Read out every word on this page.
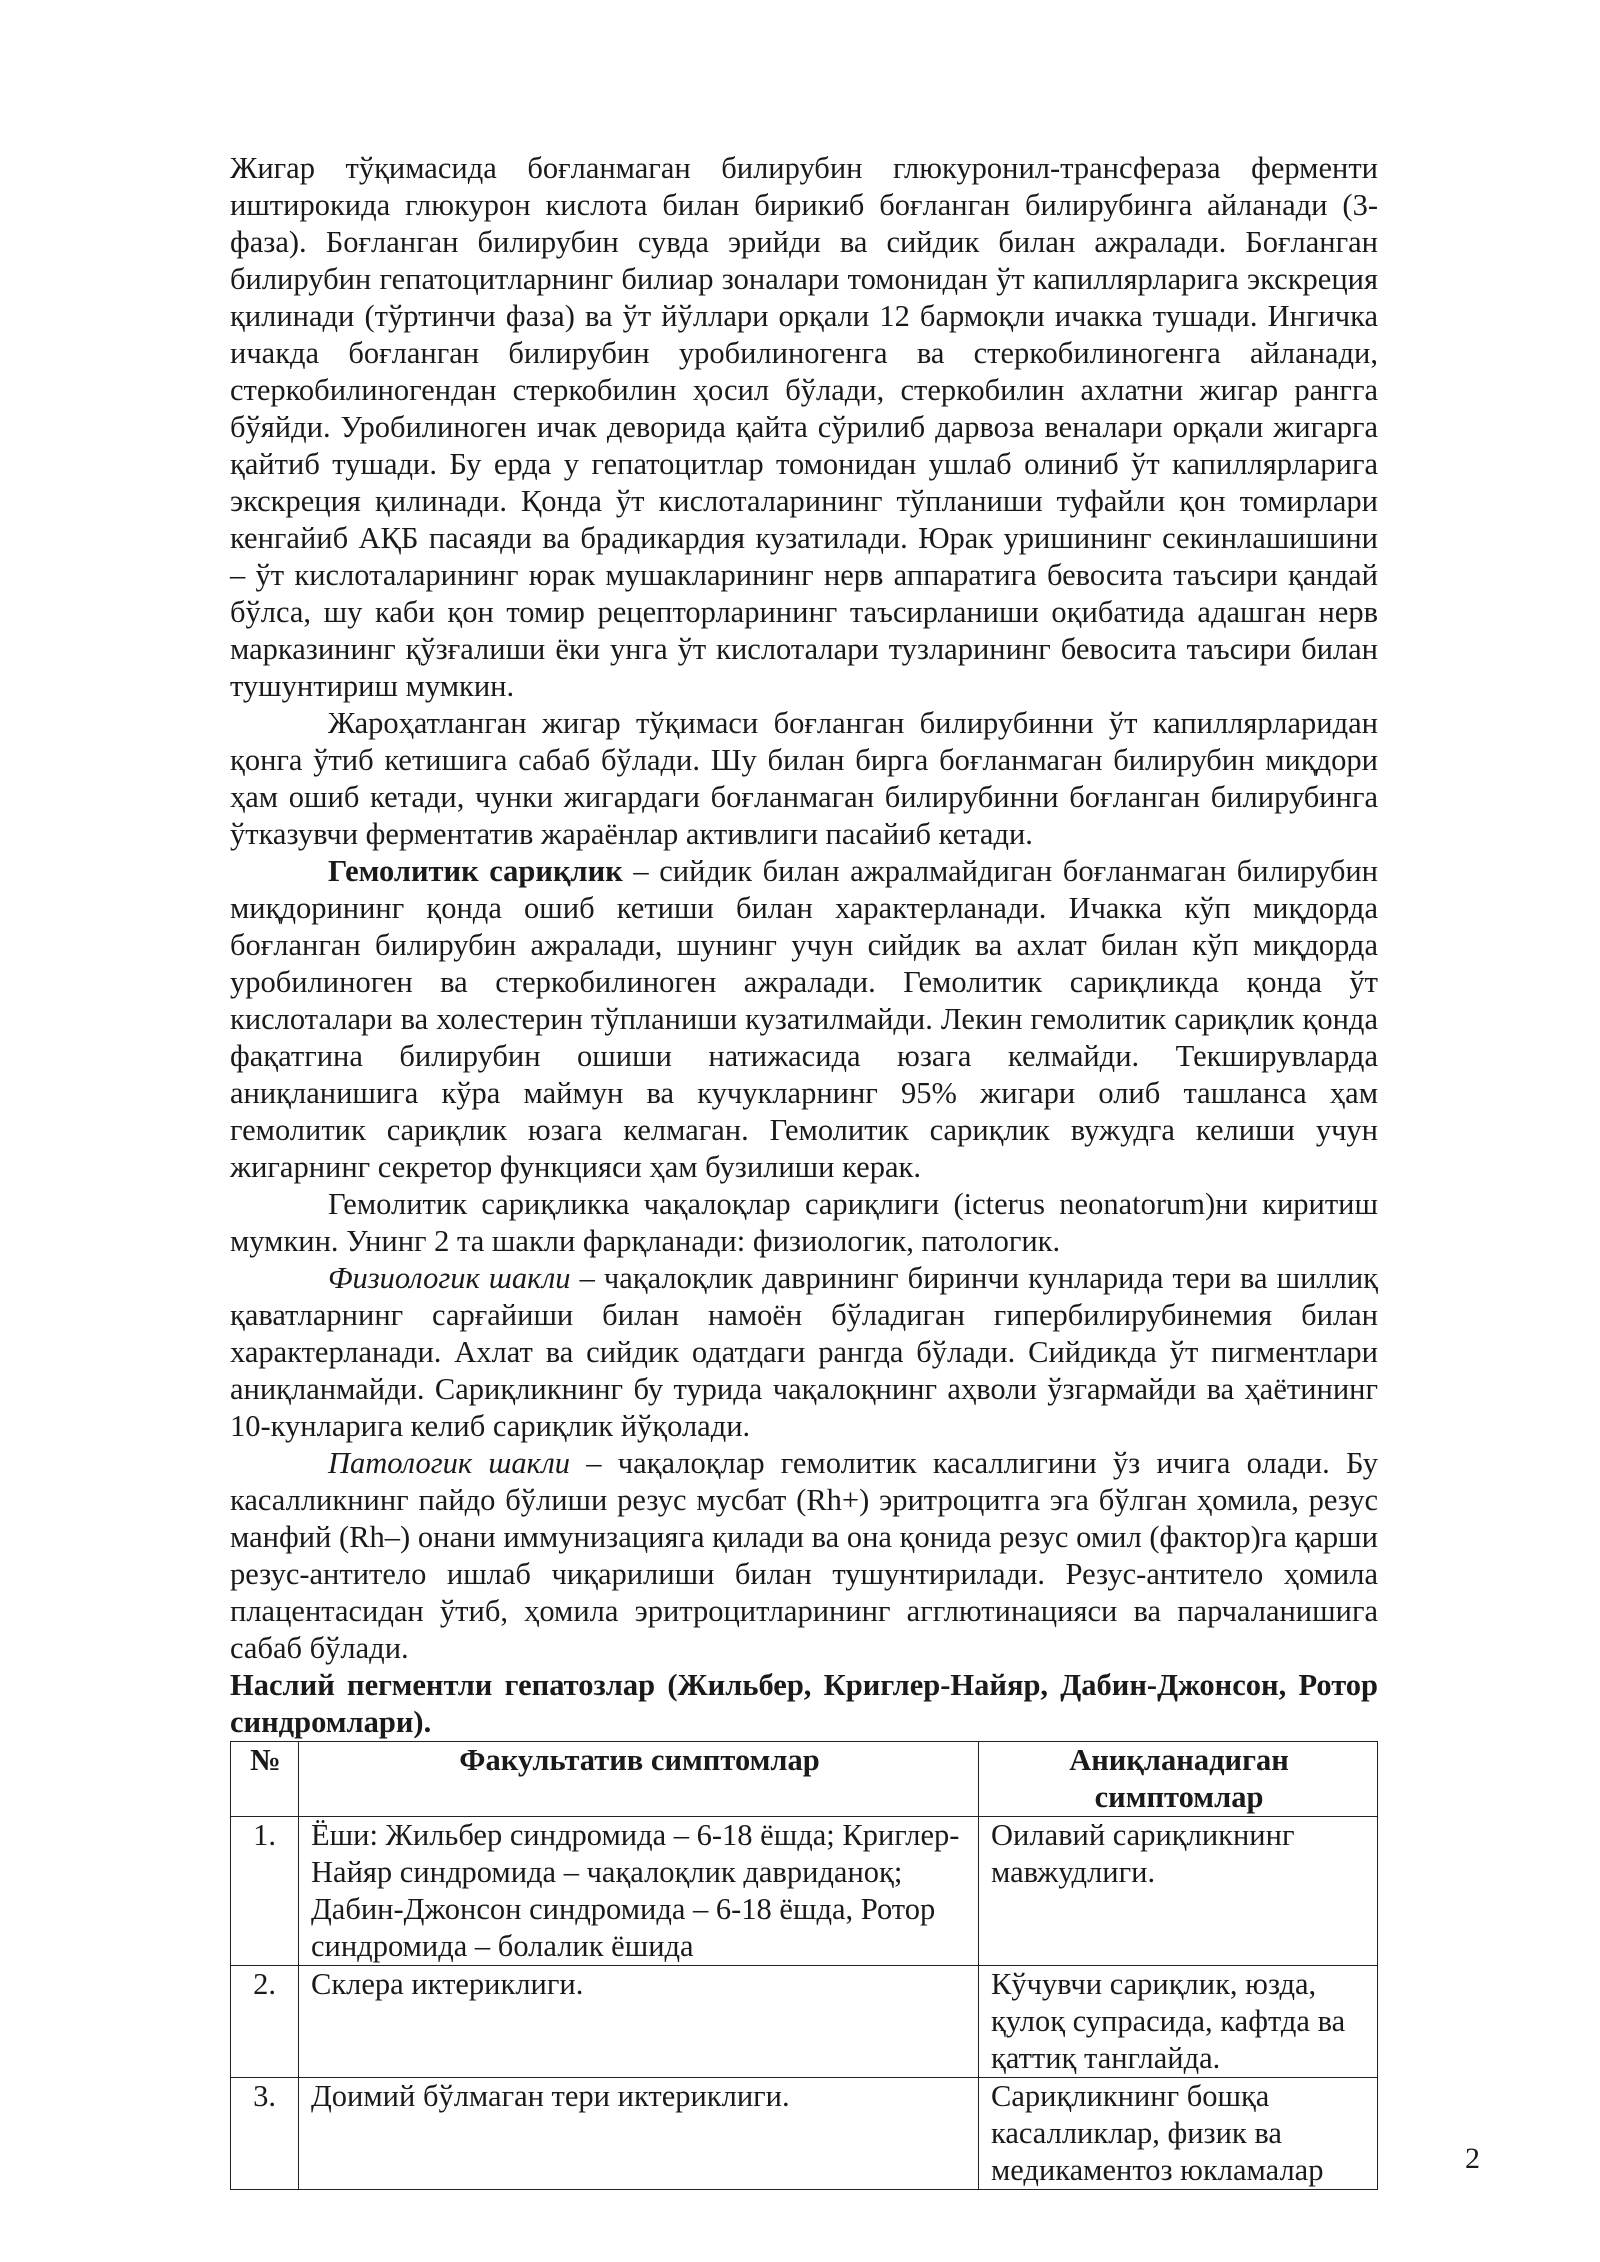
Жигар тўқимасида боғланмаган билирубин глюкуронил-трансфераза ферменти иштирокида глюкурон кислота билан бирикиб боғланган билирубинга айланади (3-фаза). Боғланган билирубин сувда эрийди ва сийдик билан ажралади. Боғланган билирубин гепатоцитларнинг билиар зоналари томонидан ўт капиллярларига экскреция қилинади (тўртинчи фаза) ва ўт йўллари орқали 12 бармоқли ичакка тушади. Ингичка ичакда боғланган билирубин уробилиногенга ва стеркобилиногенга айланади, стеркобилиногендан стеркобилин ҳосил бўлади, стеркобилин ахлатни жигар рангга бўяйди. Уробилиноген ичак деворида қайта сўрилиб дарвоза веналари орқали жигарга қайтиб тушади. Бу ерда у гепатоцитлар томонидан ушлаб олиниб ўт капиллярларига экскреция қилинади. Қонда ўт кислоталарининг тўпланиши туфайли қон томирлари кенгайиб АҚБ пасаяди ва брадикардия кузатилади. Юрак уришининг секинлашишини – ўт кислоталарининг юрак мушакларининг нерв аппаратига бевосита таъсири қандай бўлса, шу каби қон томир рецепторларининг таъсирланиши оқибатида адашган нерв марказининг қўзғалиши ёки унга ўт кислоталари тузларининг бевосита таъсири билан тушунтириш мумкин.

Жароҳатланган жигар тўқимаси боғланган билирубинни ўт капиллярларидан қонга ўтиб кетишига сабаб бўлади. Шу билан бирга боғланмаган билирубин миқдори ҳам ошиб кетади, чунки жигардаги боғланмаган билирубинни боғланган билирубинга ўтказувчи ферментатив жараёнлар активлиги пасайиб кетади.

Гемолитик сариқлик – сийдик билан ажралмайдиган боғланмаган билирубин миқдорининг қонда ошиб кетиши билан характерланади. Ичакка кўп миқдорда боғланган билирубин ажралади, шунинг учун сийдик ва ахлат билан кўп миқдорда уробилиноген ва стеркобилиноген ажралади. Гемолитик сариқликда қонда ўт кислоталари ва холестерин тўпланиши кузатилмайди. Лекин гемолитик сариқлик қонда фақатгина билирубин ошиши натижасида юзага келмайди. Текширувларда аниқланишига кўра маймун ва кучукларнинг 95% жигари олиб ташланса ҳам гемолитик сариқлик юзага келмаган. Гемолитик сариқлик вужудга келиши учун жигарнинг секретор функцияси ҳам бузилиши керак.

Гемолитик сариқликка чақалоқлар сариқлиги (icterus neonatorum)ни киритиш мумкин. Унинг 2 та шакли фарқланади: физиологик, патологик.

Физиологик шакли – чақалоқлик даврининг биринчи кунларида тери ва шиллиқ қаватларнинг сарғайиши билан намоён бўладиган гипербилирубинемия билан характерланади. Ахлат ва сийдик одатдаги рангда бўлади. Сийдикда ўт пигментлари аниқланмайди. Сариқликнинг бу турида чақалоқнинг аҳволи ўзгармайди ва ҳаётининг 10-кунларига келиб сариқлик йўқолади.

Патологик шакли – чақалоқлар гемолитик касаллигини ўз ичига олади. Бу касалликнинг пайдо бўлиши резус мусбат (Rh+) эритроцитга эга бўлган ҳомила, резус манфий (Rh–) онани иммунизацияга қилади ва она қонида резус омил (фактор)га қарши резус-антитело ишлаб чиқарилиши билан тушунтирилади. Резус-антитело ҳомила плацентасидан ўтиб, ҳомила эритроцитларининг агглютинацияси ва парчаланишига сабаб бўлади.

Наслий пегментли гепатозлар (Жильбер, Криглер-Найяр, Дабин-Джонсон, Ротор синдромлари).

№	Факультатив симптомлар	Аниқланадиган симптомлар
1.	Ёши: Жильбер синдромида – 6-18 ёшда; Криглер-Найяр синдромида – чақалоқлик давриданоқ; Дабин-Джонсон синдромида – 6-18 ёшда, Ротор синдромида – болалик ёшида	Оилавий сариқликнинг мавжудлиги.
2.	Склера иктериклиги.	Кўчувчи сариқлик, юзда, қулоқ супрасида, кафтда ва қаттиқ танглайда.
3.	Доимий бўлмаган тери иктериклиги.	Сариқликнинг бошқа касалликлар, физик ва медикаментоз юкламалар	2
